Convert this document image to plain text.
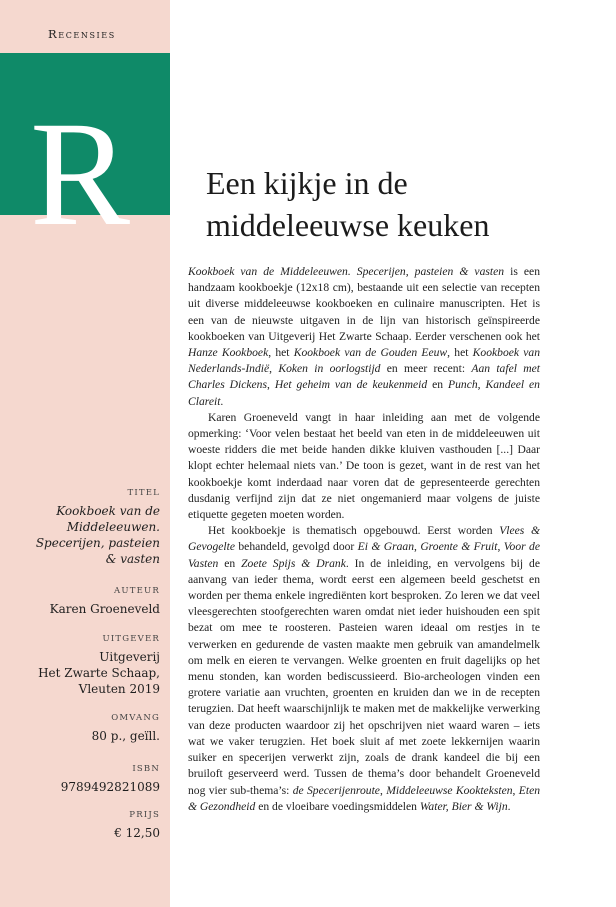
Recensies
R
TITEL
Kookboek van de
Middeleeuwen.
Specerijen, pasteien
& vasten
AUTEUR
Karen Groeneveld
UITGEVER
Uitgeverij
Het Zwarte Schaap,
Vleuten 2019
OMVANG
80 p., geïll.
ISBN
9789492821089
PRIJS
€ 12,50
Een kijkje in de
middeleeuwse keuken

Kookboek van de Middeleeuwen. Specerijen, pasteien & vasten is een handzaam kookboekje (12x18 cm), bestaande uit een selectie van recepten uit diverse middeleeuwse kookboeken en culinaire manuscripten. Het is een van de nieuwste uitgaven in de lijn van historisch geïnspireerde kookboeken van Uitgeverij Het Zwarte Schaap. Eerder verschenen ook het Hanze Kookboek, het Kookboek van de Gouden Eeuw, het Kookboek van Nederlands-Indië, Koken in oorlogstijd en meer recent: Aan tafel met Charles Dickens, Het geheim van de keukenmeid en Punch, Kandeel en Clareit.

Karen Groeneveld vangt in haar inleiding aan met de volgende opmerking: ‘Voor velen bestaat het beeld van eten in de middeleeuwen uit woeste ridders die met beide handen dikke kluiven vasthouden [...] Daar klopt echter helemaal niets van.’ De toon is gezet, want in de rest van het kookboekje komt inderdaad naar voren dat de gepresenteerde gerechten dusdanig verfijnd zijn dat ze niet ongemanierd maar volgens de juiste etiquette gegeten moeten worden.

Het kookboekje is thematisch opgebouwd. Eerst worden Vlees & Gevogelte behandeld, gevolgd door Ei & Graan, Groente & Fruit, Voor de Vasten en Zoete Spijs & Drank. In de inleiding, en vervolgens bij de aanvang van ieder thema, wordt eerst een algemeen beeld geschetst en worden per thema enkele ingrediënten kort besproken. Zo leren we dat veel vleesgerechten stoofgerechten waren omdat niet ieder huishouden een spit bezat om mee te roosteren. Pasteien waren ideaal om restjes in te verwerken en gedurende de vasten maakte men gebruik van amandelmelk om melk en eieren te vervangen. Welke groenten en fruit dagelijks op het menu stonden, kan worden bediscussieerd. Bio-archeologen vinden een grotere variatie aan vruchten, groenten en kruiden dan we in de recepten terugzien. Dat heeft waarschijnlijk te maken met de makkelijke verwerking van deze producten waardoor zij het opschrijven niet waard waren – iets wat we vaker terugzien. Het boek sluit af met zoete lekkernijen waarin suiker en specerijen verwerkt zijn, zoals de drank kandeel die bij een bruiloft geserveerd werd. Tussen de thema’s door behandelt Groeneveld nog vier sub-thema’s: de Specerijenroute, Middeleeuwse Kookteksten, Eten & Gezondheid en de vloeibare voedingsmiddelen Water, Bier & Wijn.
